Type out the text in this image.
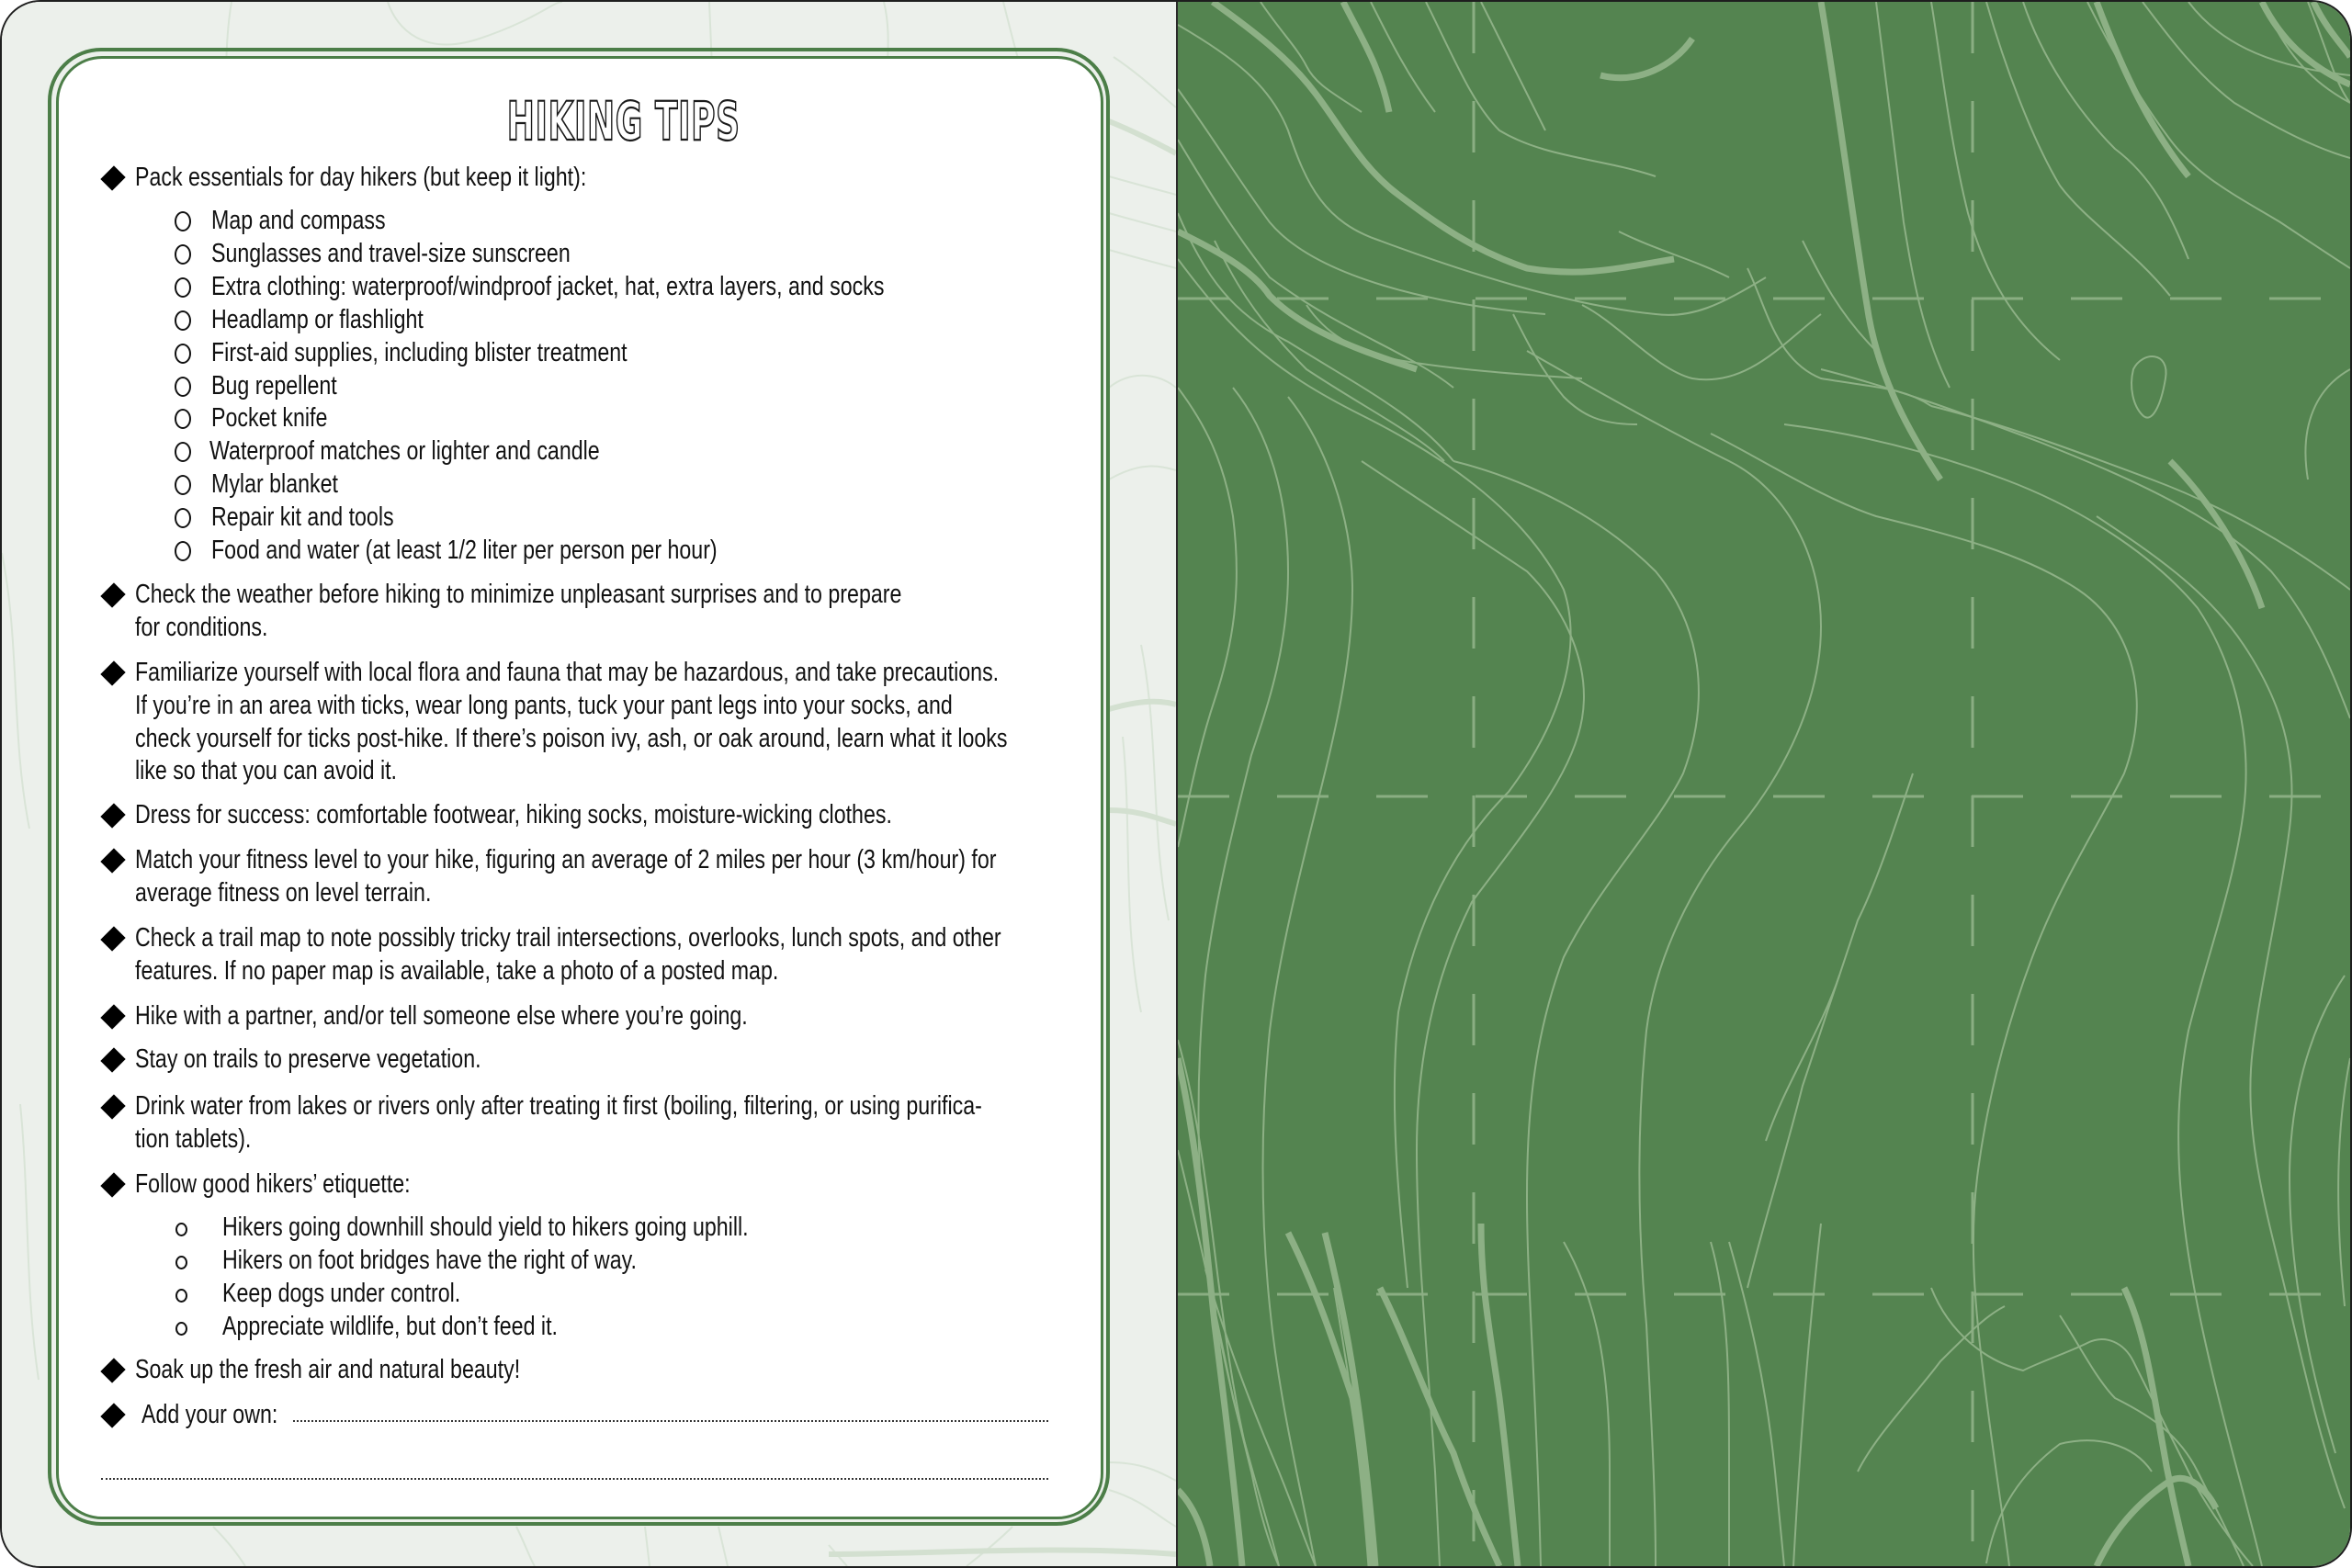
HIKING TIPS
Pack essentials for day hikers (but keep it light):
Map and compass
Sunglasses and travel-size sunscreen
Extra clothing: waterproof/windproof jacket, hat, extra layers, and socks
Headlamp or flashlight
First-aid supplies, including blister treatment
Bug repellent
Pocket knife
Waterproof matches or lighter and candle
Mylar blanket
Repair kit and tools
Food and water (at least 1/2 liter per person per hour)
Check the weather before hiking to minimize unpleasant surprises and to prepare
for conditions.
Familiarize yourself with local flora and fauna that may be hazardous, and take precautions.
If you’re in an area with ticks, wear long pants, tuck your pant legs into your socks, and
check yourself for ticks post-hike. If there’s poison ivy, ash, or oak around, learn what it looks
like so that you can avoid it.
Dress for success: comfortable footwear, hiking socks, moisture-wicking clothes.
Match your fitness level to your hike, figuring an average of 2 miles per hour (3 km/hour) for
average fitness on level terrain.
Check a trail map to note possibly tricky trail intersections, overlooks, lunch spots, and other
features. If no paper map is available, take a photo of a posted map.
Hike with a partner, and/or tell someone else where you’re going.
Stay on trails to preserve vegetation.
Drink water from lakes or rivers only after treating it first (boiling, filtering, or using purifica-
tion tablets).
Follow good hikers’ etiquette:
Hikers going downhill should yield to hikers going uphill.
Hikers on foot bridges have the right of way.
Keep dogs under control.
Appreciate wildlife, but don’t feed it.
Soak up the fresh air and natural beauty!
Add your own:
